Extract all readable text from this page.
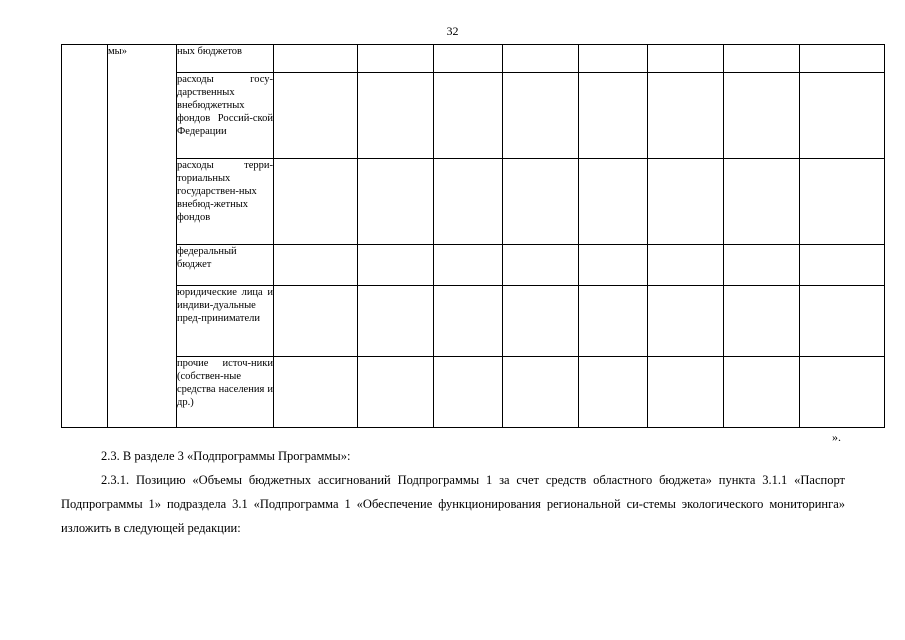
32
	мы»	ных бюджетов								
		расходы госу-дарственных внебюджетных фондов Россий-ской Федерации								
		расходы терри-ториальных государствен-ных внебюд-жетных фондов								
		федеральный бюджет								
		юридические лица и индиви-дуальные пред-приниматели								
		прочие источ-ники (собствен-ные средства населения и др.)								
».

2.3. В разделе 3 «Подпрограммы Программы»:

2.3.1. Позицию «Объемы бюджетных ассигнований Подпрограммы 1 за счет средств областного бюджета» пункта 3.1.1 «Паспорт Подпрограммы 1» подраздела 3.1 «Подпрограмма 1 «Обеспечение функционирования региональной си-стемы экологического мониторинга» изложить в следующей редакции:
